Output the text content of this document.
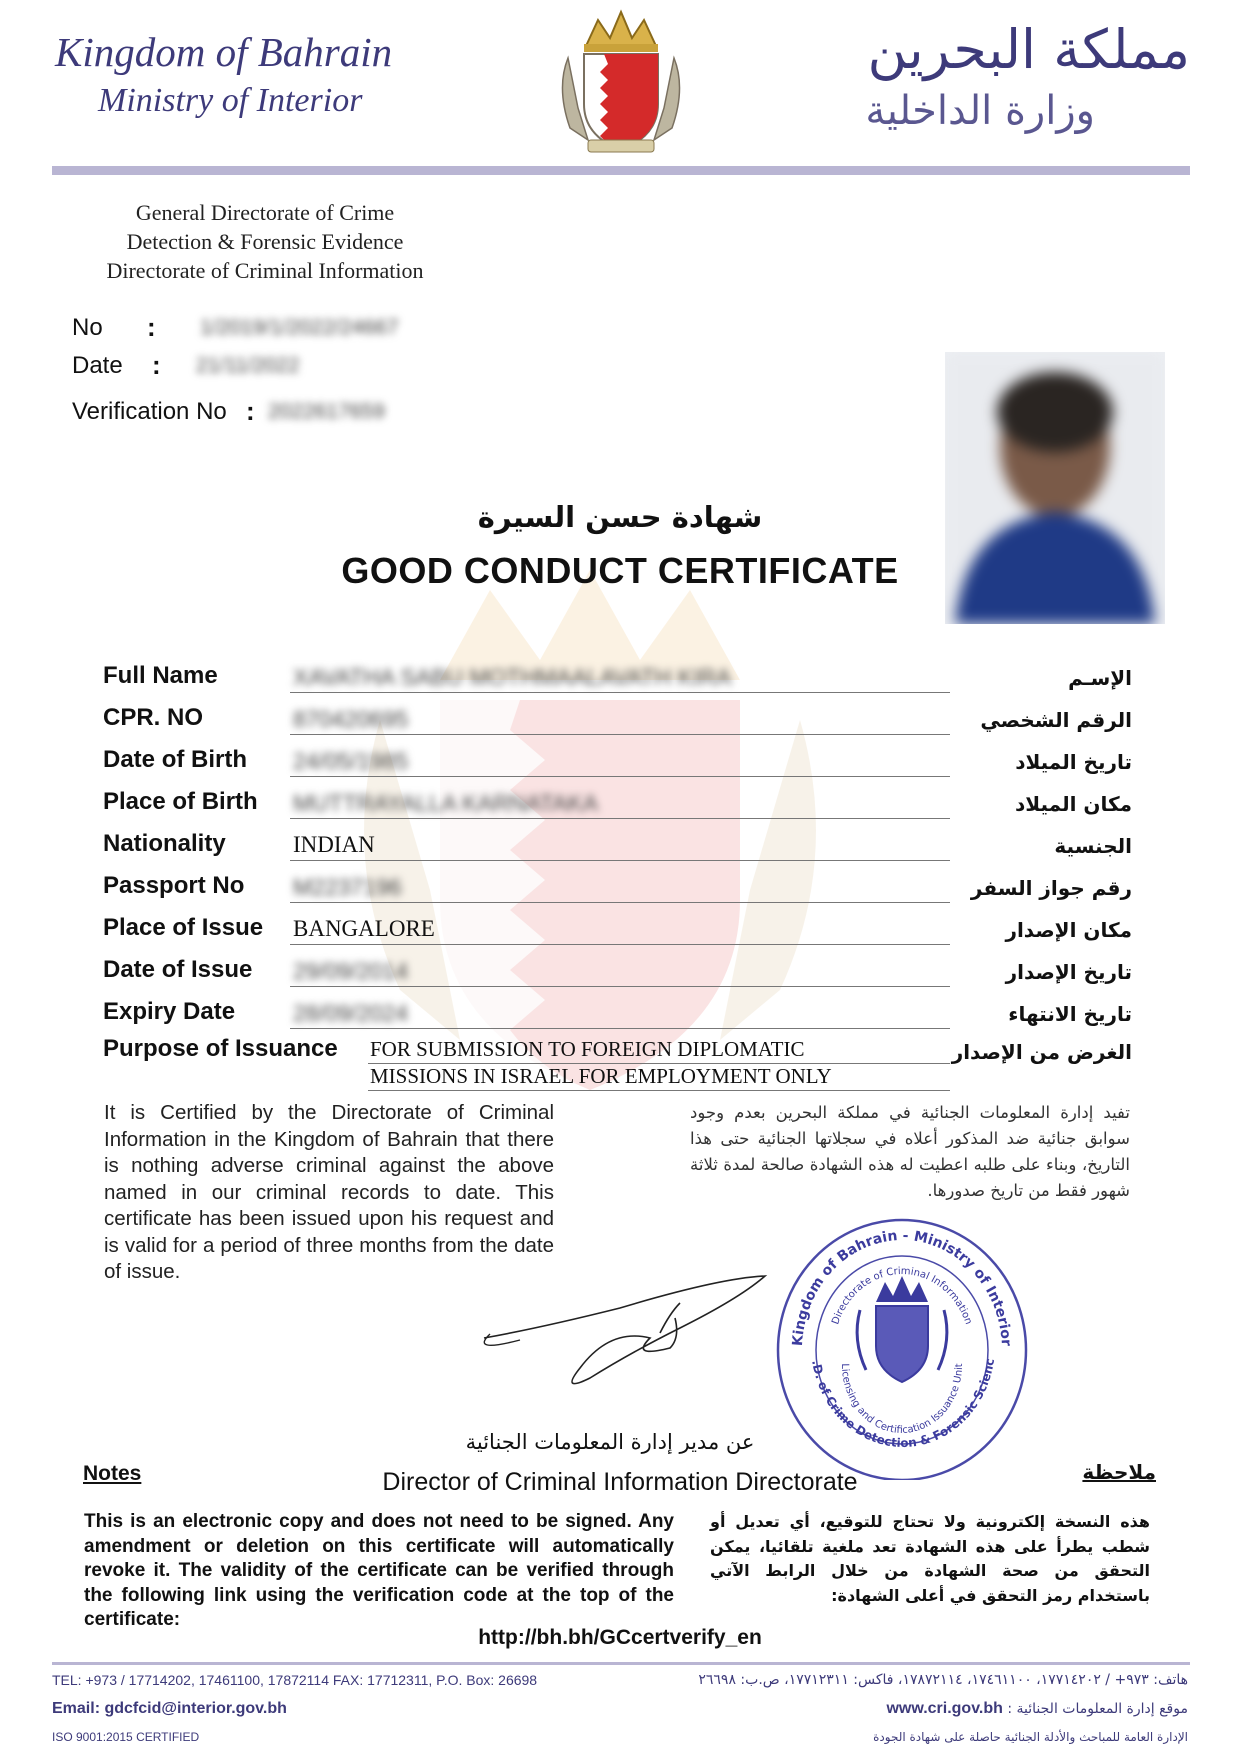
Kingdom of Bahrain
Ministry of Interior
مملكة البحرين
وزارة الداخلية
General Directorate of Crime
Detection & Forensic Evidence
Directorate of Criminal Information
No : 1/2019/1/2022/24667
Date : 21/11/2022
Verification No : 2022617659
شهادة حسن السيرة
GOOD CONDUCT CERTIFICATE
Full Name	XAVATHA SABU MOTHMAALAVATH KIRA	الإسـم
CPR. NO	870420695	الرقم الشخصي
Date of Birth 24/05/1985	تاريخ الميلاد
Place of Birth MUTTRAYALLA KARNATAKA	مكان الميلاد
Nationality	INDIAN	الجنسية
Passport No M2237196	رقم جواز السفر
Place of Issue BANGALORE	مكان الإصدار
Date of Issue 29/09/2014	تاريخ الإصدار
Expiry Date	28/09/2024	تاريخ الانتهاء
Purpose of Issuance FOR SUBMISSION TO FOREIGN DIPLOMATIC
MISSIONS IN ISRAEL FOR EMPLOYMENT ONLY
الغرض من الإصدار
It is Certified by the Directorate of Criminal Information in the Kingdom of Bahrain that there is nothing adverse criminal against the above named in our criminal records to date. This certificate has been issued upon his request and is valid for a period of three months from the date of issue.
تفيد إدارة المعلومات الجنائية في مملكة البحرين بعدم وجود سوابق جنائية ضد المذكور أعلاه في سجلاتها الجنائية حتى هذا التاريخ، وبناء على طلبه اعطيت له هذه الشهادة صالحة لمدة ثلاثة شهور فقط من تاريخ صدورها.
Kingdom of Bahrain - Ministry of Interior
Directorate of Criminal Information
.D. of Crime Detection & Forensic Scienc
Licensing and Certification Issuance Unit
عن مدير إدارة المعلومات الجنائية
Director of Criminal Information Directorate
Notes	ملاحظة
This is an electronic copy and does not need to be signed. Any amendment or deletion on this certificate will automatically revoke it. The validity of the certificate can be verified through the following link using the verification code at the top of the certificate:
هذه النسخة إلكترونية ولا تحتاج للتوقيع، أي تعديل أو شطب يطرأ على هذه الشهادة تعد ملغية تلقائيا، يمكن التحقق من صحة الشهادة من خلال الرابط الآتي باستخدام رمز التحقق في أعلى الشهادة:
http://bh.bh/GCcertverify_en
TEL: +973 / 17714202, 17461100, 17872114 FAX: 17712311, P.O. Box: 26698	هاتف: ٩٧٣+ / ١٧٧١٤٢٠٢، ١٧٤٦١١٠٠، ١٧٨٧٢١١٤، فاكس: ١٧٧١٢٣١١، ص.ب: ٢٦٦٩٨
Email: gdcfcid@interior.gov.bh	موقع إدارة المعلومات الجنائية : www.cri.gov.bh
ISO 9001:2015 CERTIFIED	الإدارة العامة للمباحث والأدلة الجنائية حاصلة على شهادة الجودة
